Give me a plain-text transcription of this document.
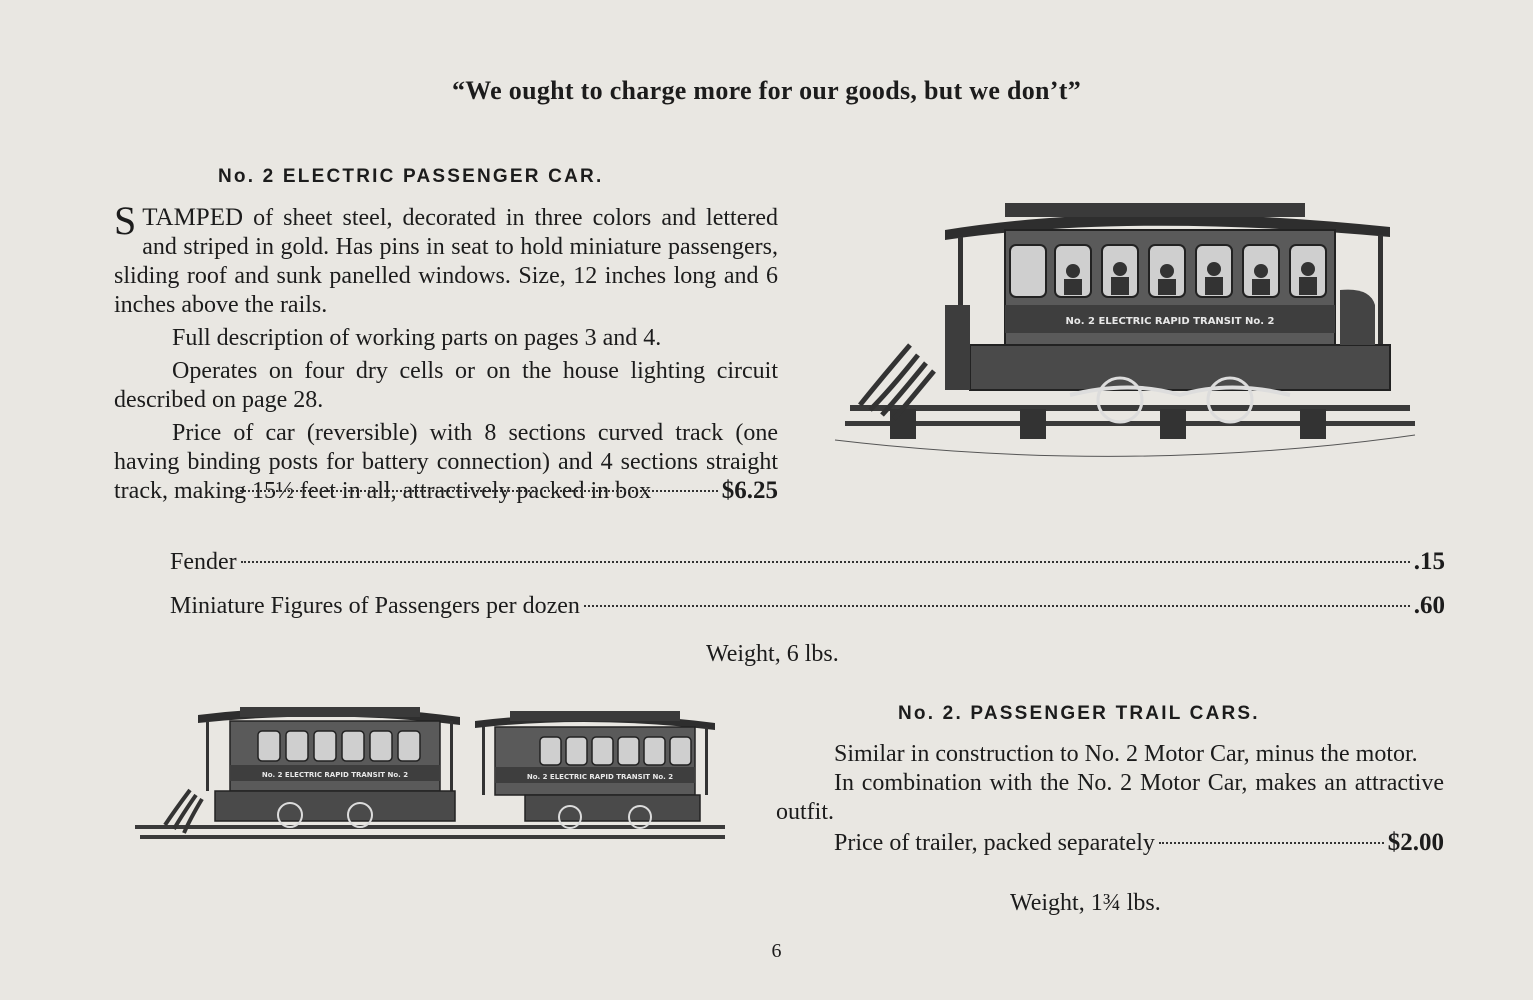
“We ought to charge more for our goods, but we don’t”
No. 2 ELECTRIC PASSENGER CAR.

STAMPED of sheet steel, decorated in three colors and lettered and striped in gold. Has pins in seat to hold miniature passengers, sliding roof and sunk panelled windows. Size, 12 inches long and 6 inches above the rails.

Full description of working parts on pages 3 and 4.

Operates on four dry cells or on the house lighting circuit described on page 28.

Price of car (reversible) with 8 sections curved track (one having binding posts for battery connection) and 4 sections straight track, making 15½ feet in all, attractively packed in box	$6.25
Fender	.15
Miniature Figures of Passengers per dozen	.60
Weight, 6 lbs.
No. 2 ELECTRIC RAPID TRANSIT No. 2
No. 2 ELECTRIC RAPID TRANSIT No. 2	No. 2 ELECTRIC RAPID TRANSIT No. 2
No. 2. PASSENGER TRAIL CARS.

Similar in construction to No. 2 Motor Car, minus the motor.

In combination with the No. 2 Motor Car, makes an attractive outfit.

Price of trailer, packed separately	$2.00
Weight, 1¾ lbs.
6
